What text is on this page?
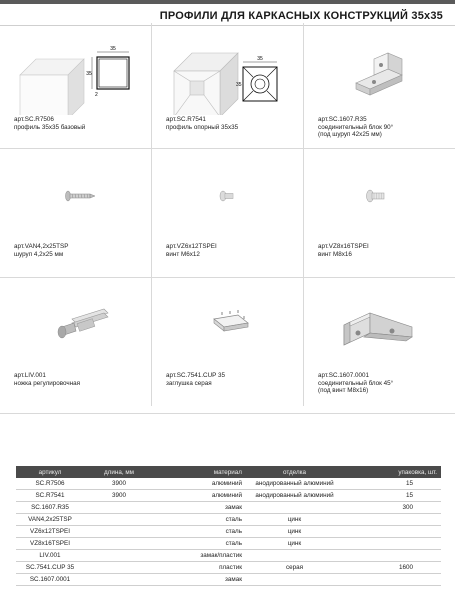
ПРОФИЛИ ДЛЯ КАРКАСНЫХ КОНСТРУКЦИЙ 35x35
35
35
2
арт.SC.R7506
профиль 35x35 базовый
35
35
арт.SC.R7541
профиль опорный 35x35
арт.SC.1607.R35
соединительный блок 90°
(под шуруп 42x25 мм)
арт.VAN4,2x25TSP
шуруп 4,2x25 мм
арт.VZ6x12TSPEI
винт M6x12
арт.VZ8x16TSPEI
винт M8x16
арт.LIV.001
ножка регулировочная
арт.SC.7541.CUP 35
заглушка серая
арт.SC.1607.0001
соединительный блок 45°
(под винт M8x16)
артикул	длина, мм	материал	отделка	упаковка, шт.
SC.R7506	3900	алюминий	анодированный алюминий	15
SC.R7541	3900	алюминий	анодированный алюминий	15
SC.1607.R35		замак		300
VAN4,2x25TSP		сталь	цинк	
VZ6x12TSPEI		сталь	цинк	
VZ8x16TSPEI		сталь	цинк	
LIV.001		замак/пластик		
SC.7541.CUP 35		пластик	серая	1600
SC.1607.0001		замак		
